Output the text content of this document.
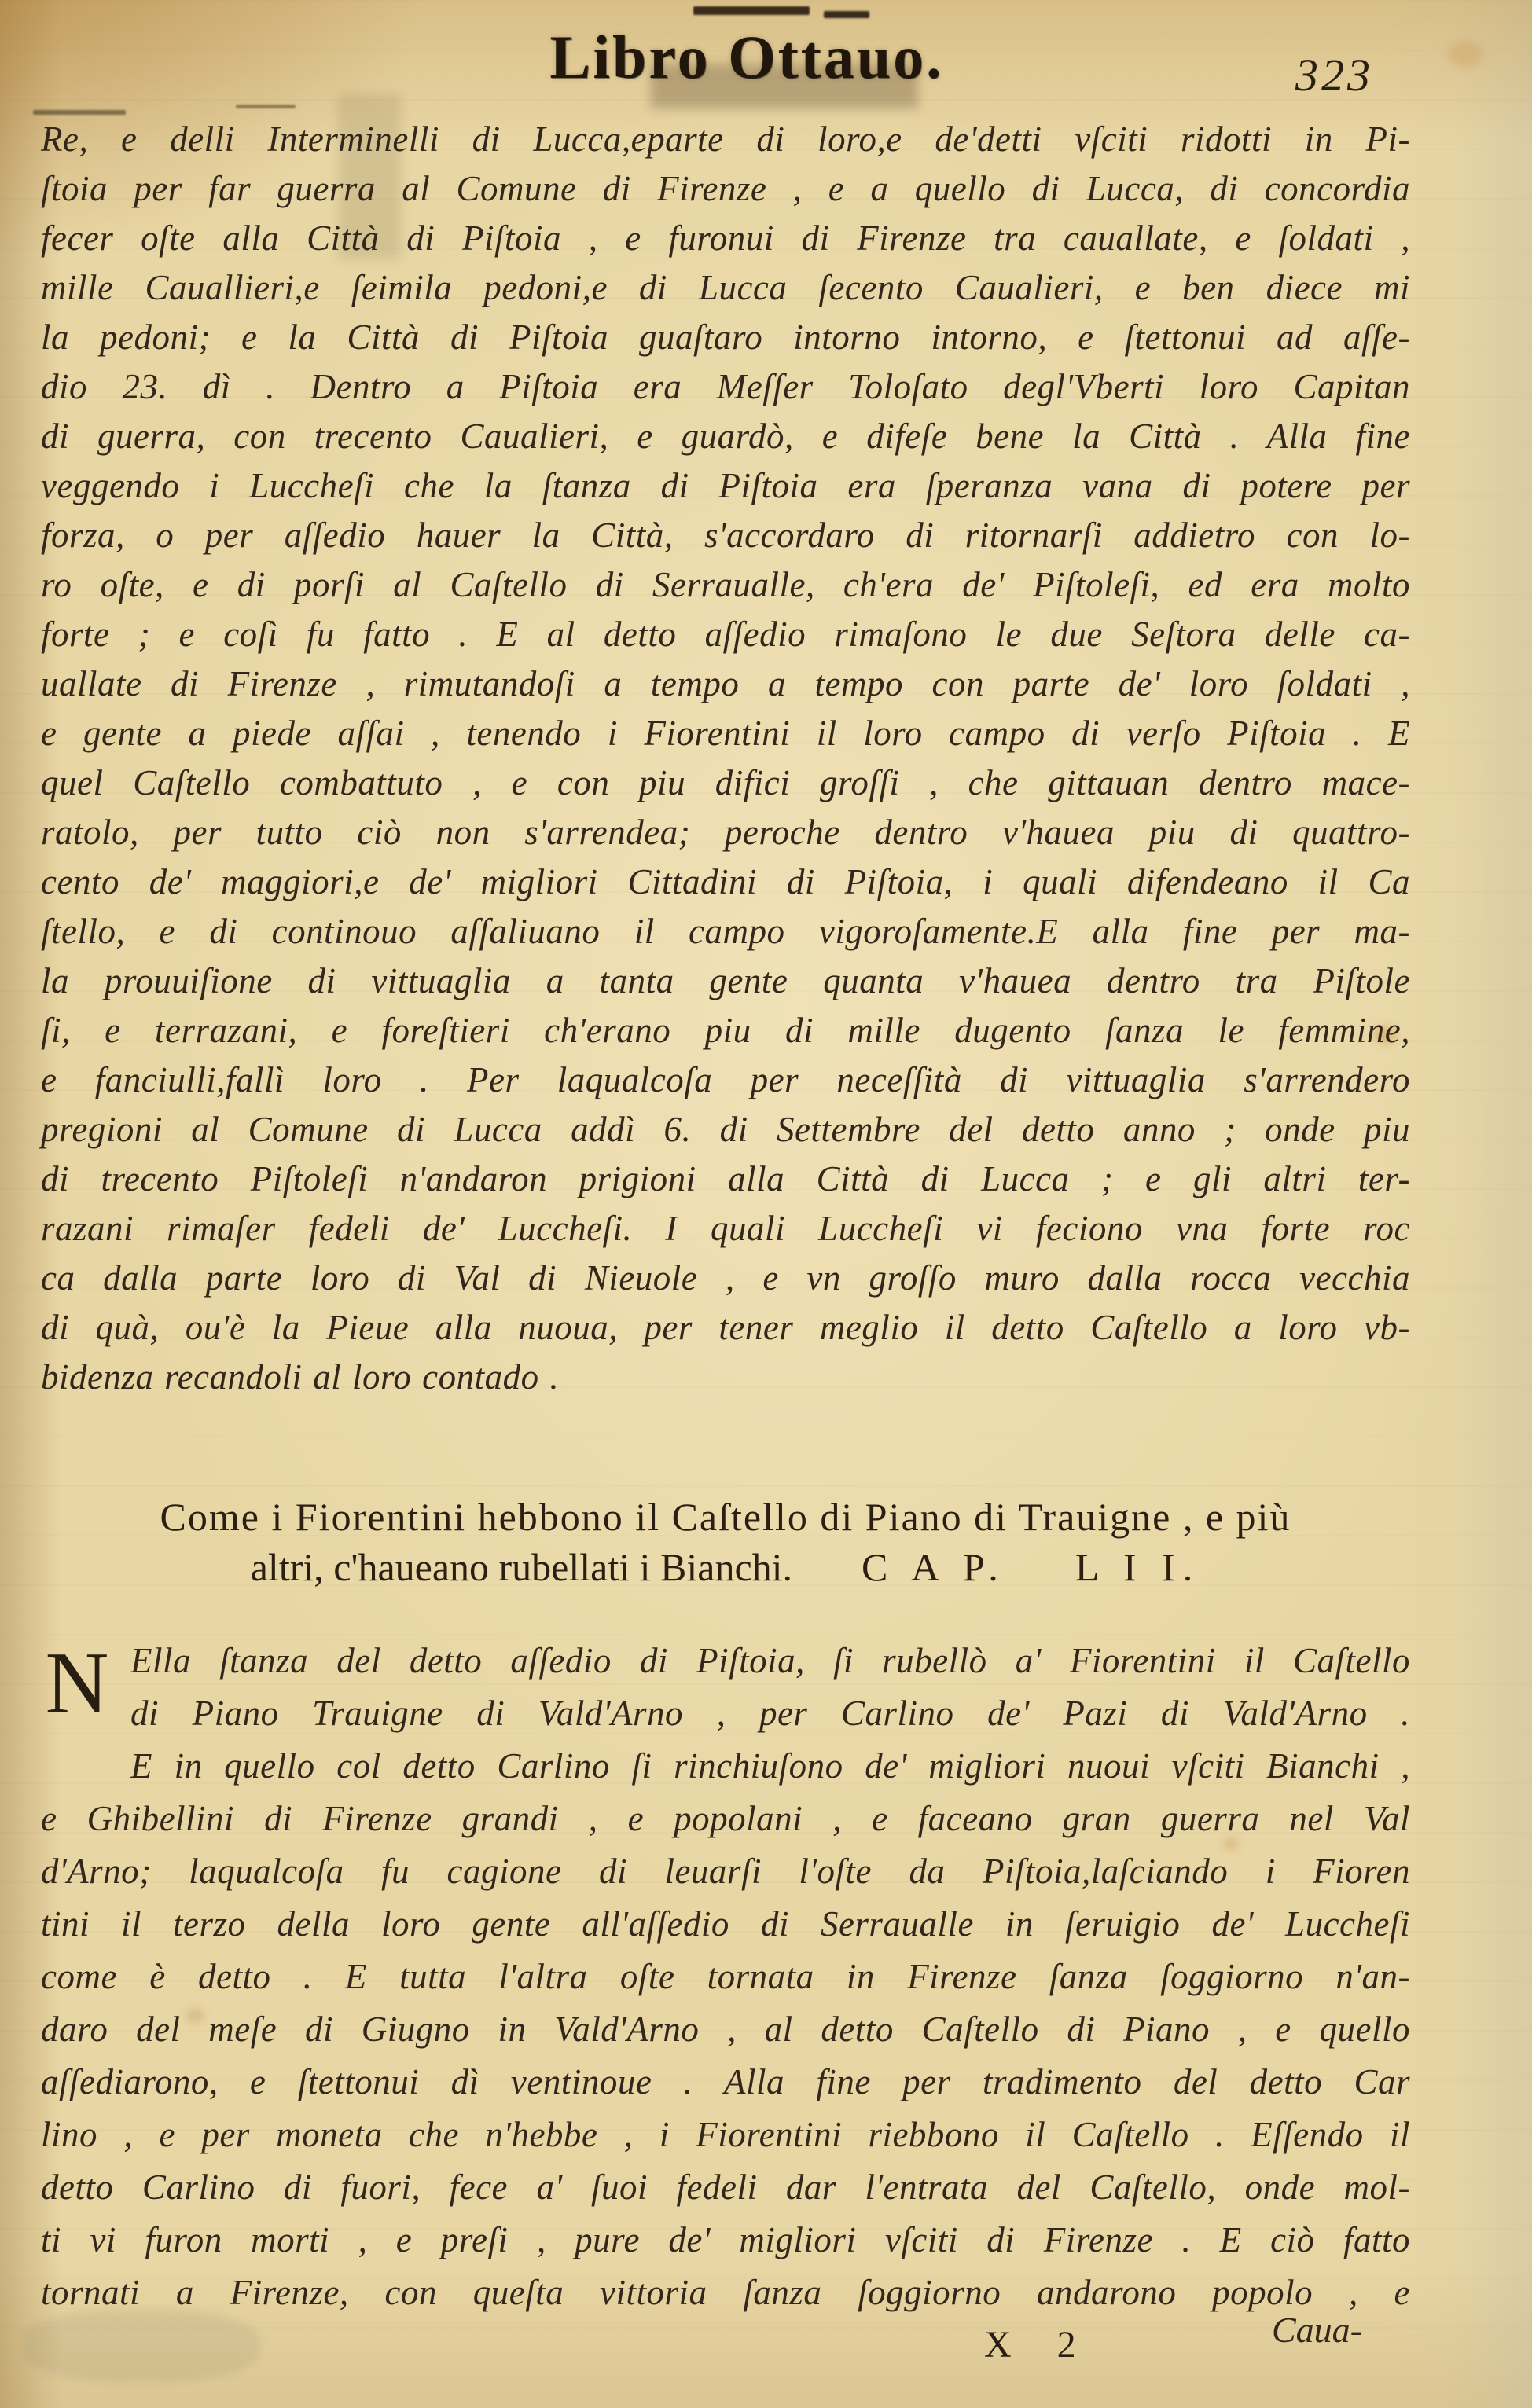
Libro Ottauo.	323
Re, e delli Interminelli di Lucca,eparte di loro,e de'detti vſciti ridotti in Pi-
ſtoia per far guerra al Comune di Firenze , e a quello di Lucca, di concordia
fecer oſte alla Città di Piſtoia , e furonui di Firenze tra cauallate, e ſoldati ,
mille Cauallieri,e ſeimila pedoni,e di Lucca ſecento Caualieri, e ben diece mi
la pedoni; e la Città di Piſtoia guaſtaro intorno intorno, e ſtettonui ad aſſe-
dio 23. dì . Dentro a Piſtoia era Meſſer Toloſato degl'Vberti loro Capitan
di guerra, con trecento Caualieri, e guardò, e difeſe bene la Città . Alla fine
veggendo i Luccheſi che la ſtanza di Piſtoia era ſperanza vana di potere per
forza, o per aſſedio hauer la Città, s'accordaro di ritornarſi addietro con lo-
ro oſte, e di porſi al Caſtello di Serraualle, ch'era de' Piſtoleſi, ed era molto
forte ; e coſì fu fatto . E al detto aſſedio rimaſono le due Seſtora delle ca-
uallate di Firenze , rimutandoſi a tempo a tempo con parte de' loro ſoldati ,
e gente a piede aſſai , tenendo i Fiorentini il loro campo di verſo Piſtoia . E
quel Caſtello combattuto , e con piu difici groſſi , che gittauan dentro mace-
ratolo, per tutto ciò non s'arrendea; peroche dentro v'hauea piu di quattro-
cento de' maggiori,e de' migliori Cittadini di Piſtoia, i quali difendeano il Ca
ſtello, e di continouo aſſaliuano il campo vigoroſamente.E alla fine per ma-
la prouuiſione di vittuaglia a tanta gente quanta v'hauea dentro tra Piſtole
ſi, e terrazani, e foreſtieri ch'erano piu di mille dugento ſanza le femmine,
e fanciulli,fallì loro . Per laqualcoſa per neceſſità di vittuaglia s'arrendero
pregioni al Comune di Lucca addì 6. di Settembre del detto anno ; onde piu
di trecento Piſtoleſi n'andaron prigioni alla Città di Lucca ; e gli altri ter-
razani rimaſer fedeli de' Luccheſi. I quali Luccheſi vi feciono vna forte roc
ca dalla parte loro di Val di Nieuole , e vn groſſo muro dalla rocca vecchia
di quà, ou'è la Pieue alla nuoua, per tener meglio il detto Caſtello a loro vb-
bidenza recandoli al loro contado .
Come i Fiorentini hebbono il Caſtello di Piano di Trauigne , e più
altri, c'haueano rubellati i Bianchi. C A P. L I I.
N Ella ſtanza del detto aſſedio di Piſtoia, ſi rubellò a' Fiorentini il Caſtello
di Piano Trauigne di Vald'Arno , per Carlino de' Pazi di Vald'Arno .
E in quello col detto Carlino ſi rinchiuſono de' migliori nuoui vſciti Bianchi ,
e Ghibellini di Firenze grandi , e popolani , e faceano gran guerra nel Val
d'Arno; laqualcoſa fu cagione di leuarſi l'oſte da Piſtoia,laſciando i Fioren
tini il terzo della loro gente all'aſſedio di Serraualle in ſeruigio de' Luccheſi
come è detto . E tutta l'altra oſte tornata in Firenze ſanza ſoggiorno n'an-
daro del meſe di Giugno in Vald'Arno , al detto Caſtello di Piano , e quello
aſſediarono, e ſtettonui dì ventinoue . Alla fine per tradimento del detto Car
lino , e per moneta che n'hebbe , i Fiorentini riebbono il Caſtello . Eſſendo il
detto Carlino di fuori, fece a' ſuoi fedeli dar l'entrata del Caſtello, onde mol-
ti vi furon morti , e preſi , pure de' migliori vſciti di Firenze . E ciò fatto
tornati a Firenze, con queſta vittoria ſanza ſoggiorno andarono popolo , e
X 2	Caua-
